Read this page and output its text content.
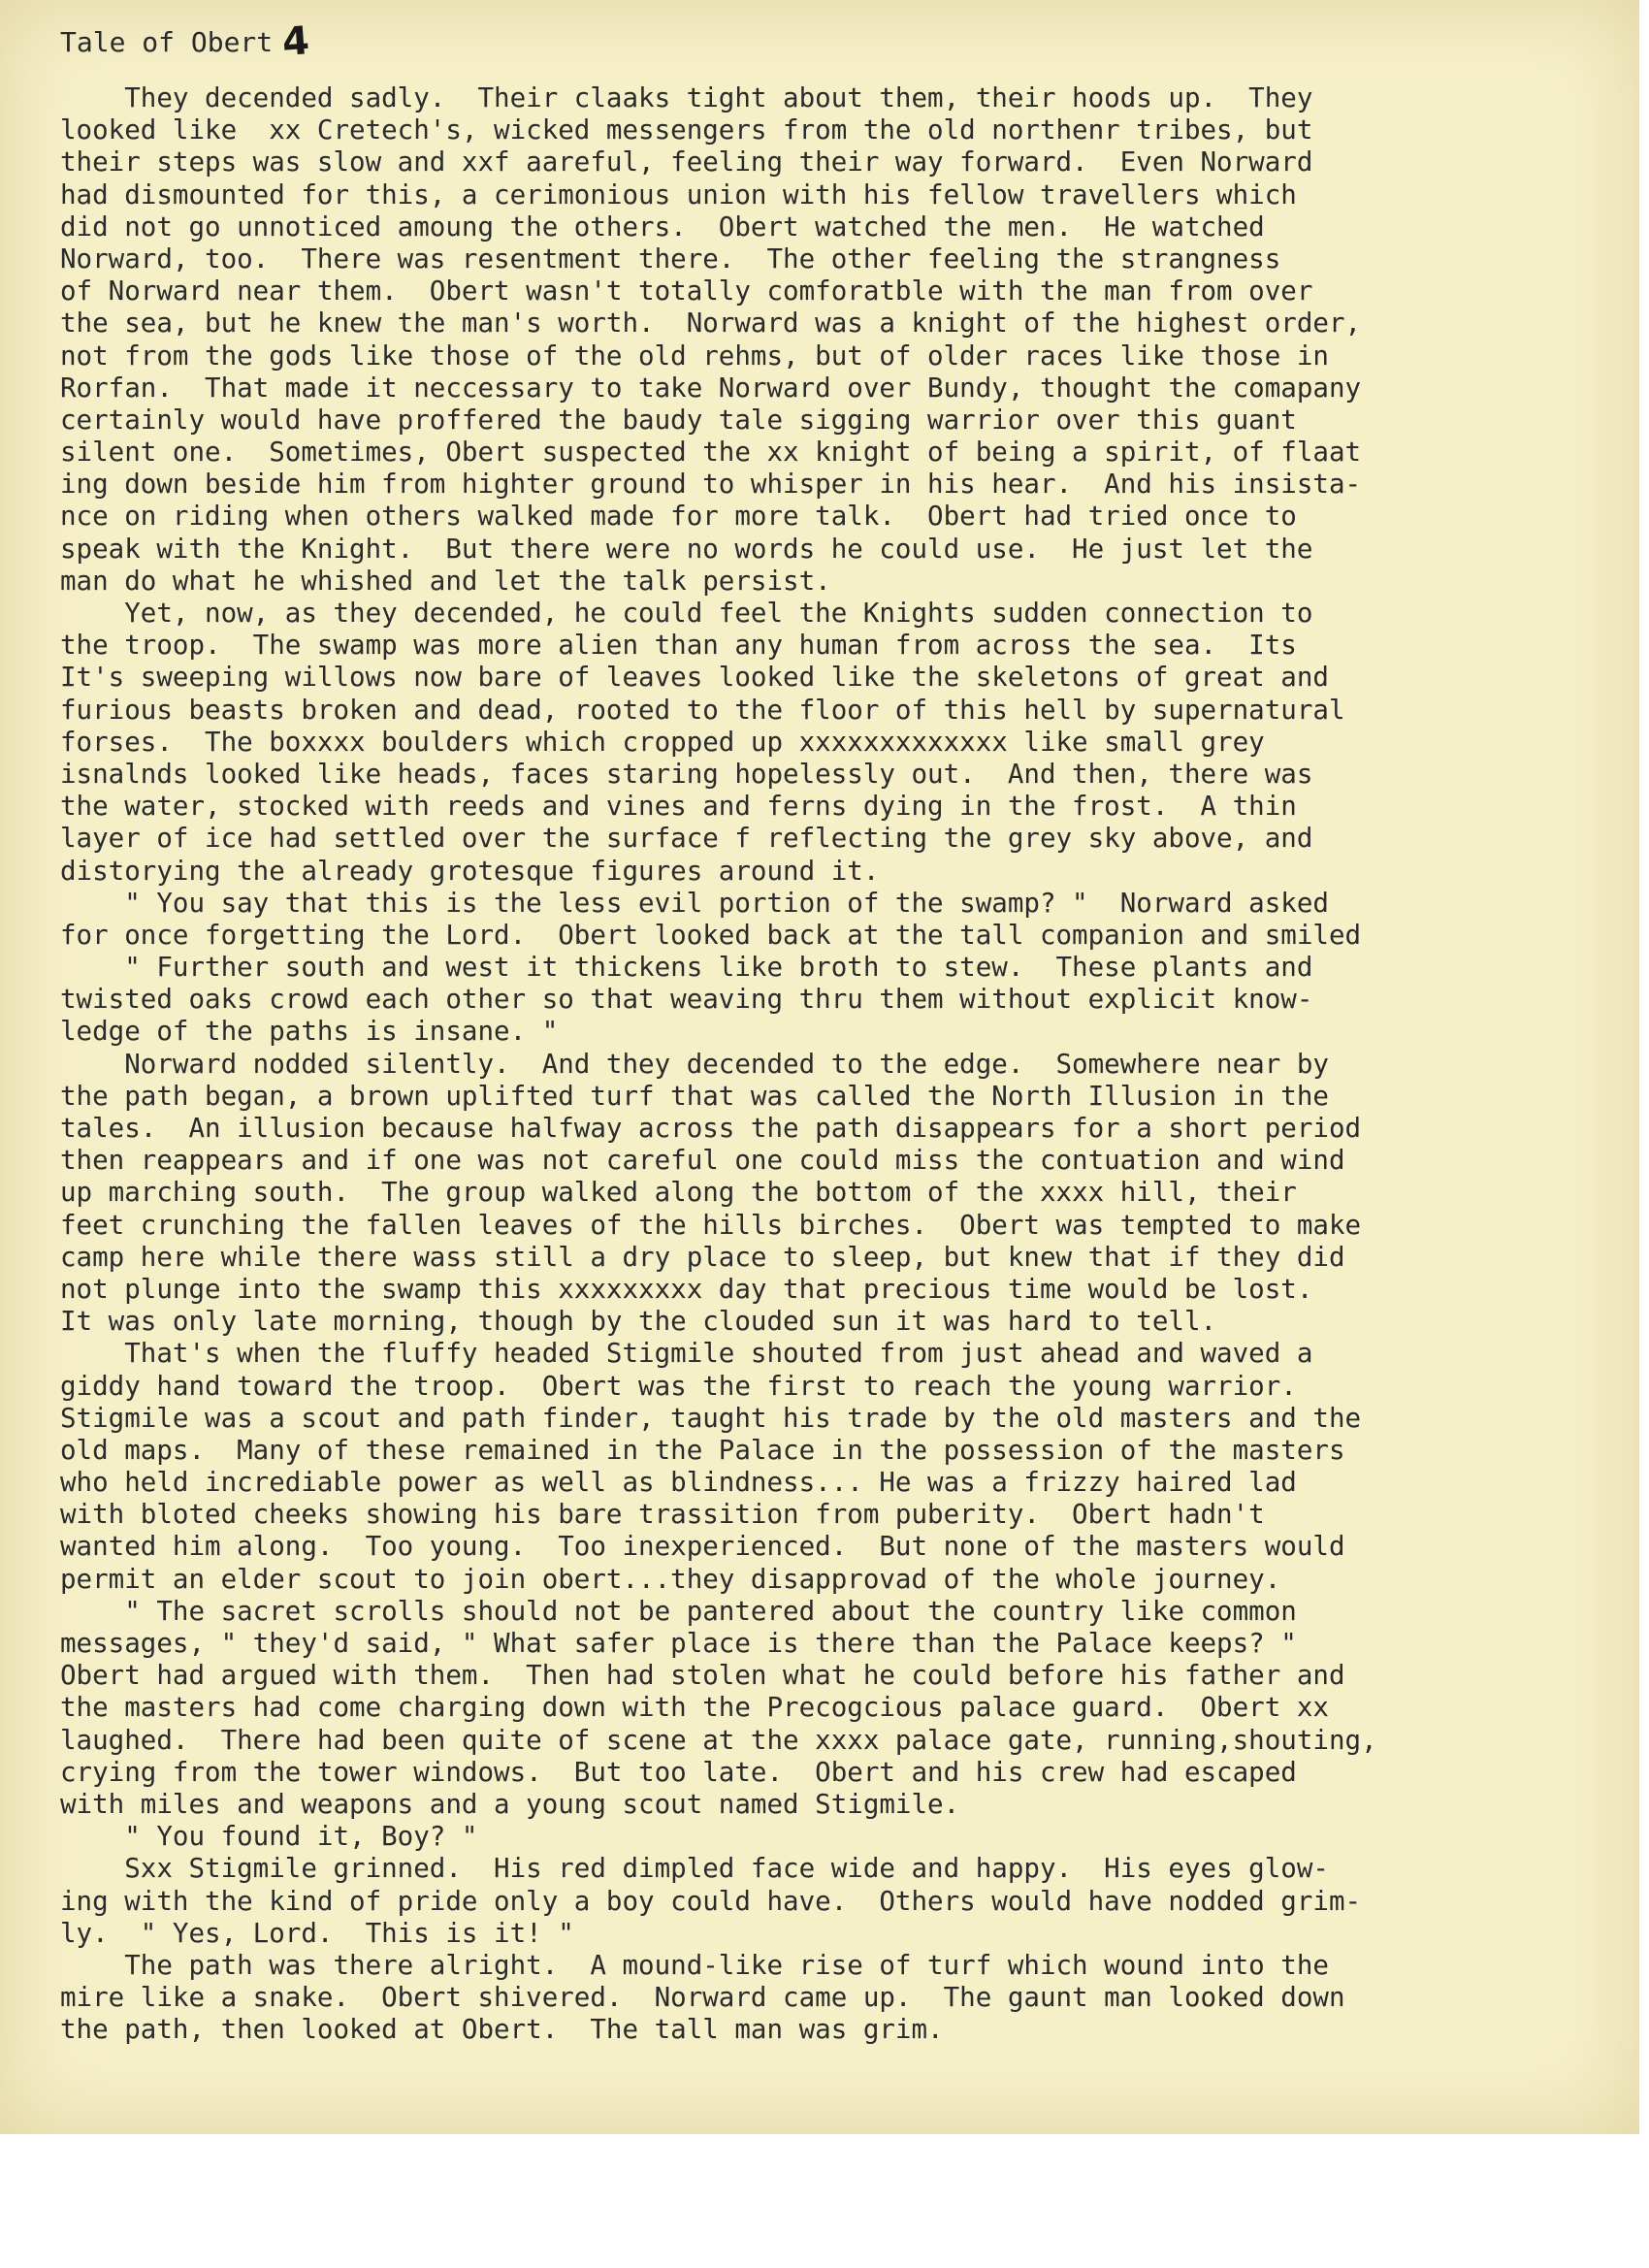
Tale of Obert 4
They decended sadly.  Their claaks tight about them, their hoods up.  They
looked like  xx Cretech's, wicked messengers from the old northenr tribes, but
their steps was slow and xxf aareful, feeling their way forward.  Even Norward
had dismounted for this, a cerimonious union with his fellow travellers which
did not go unnoticed amoung the others.  Obert watched the men.  He watched
Norward, too.  There was resentment there.  The other feeling the strangness
of Norward near them.  Obert wasn't totally comforatble with the man from over
the sea, but he knew the man's worth.  Norward was a knight of the highest order,
not from the gods like those of the old rehms, but of older races like those in
Rorfan.  That made it neccessary to take Norward over Bundy, thought the comapany
certainly would have proffered the baudy tale sigging warrior over this guant
silent one.  Sometimes, Obert suspected the xx knight of being a spirit, of flaat
ing down beside him from highter ground to whisper in his hear.  And his insista-
nce on riding when others walked made for more talk.  Obert had tried once to
speak with the Knight.  But there were no words he could use.  He just let the
man do what he whished and let the talk persist.
Yet, now, as they decended, he could feel the Knights sudden connection to
the troop.  The swamp was more alien than any human from across the sea.  Its
It's sweeping willows now bare of leaves looked like the skeletons of great and
furious beasts broken and dead, rooted to the floor of this hell by supernatural
forses.  The boxxxx boulders which cropped up xxxxxxxxxxxxx like small grey
isnalnds looked like heads, faces staring hopelessly out.  And then, there was
the water, stocked with reeds and vines and ferns dying in the frost.  A thin
layer of ice had settled over the surface f reflecting the grey sky above, and
distorying the already grotesque figures around it.
" You say that this is the less evil portion of the swamp? "  Norward asked
for once forgetting the Lord.  Obert looked back at the tall companion and smiled
" Further south and west it thickens like broth to stew.  These plants and
twisted oaks crowd each other so that weaving thru them without explicit know-
ledge of the paths is insane. "
Norward nodded silently.  And they decended to the edge.  Somewhere near by
the path began, a brown uplifted turf that was called the North Illusion in the
tales.  An illusion because halfway across the path disappears for a short period
then reappears and if one was not careful one could miss the contuation and wind
up marching south.  The group walked along the bottom of the xxxx hill, their
feet crunching the fallen leaves of the hills birches.  Obert was tempted to make
camp here while there wass still a dry place to sleep, but knew that if they did
not plunge into the swamp this xxxxxxxxx day that precious time would be lost.
It was only late morning, though by the clouded sun it was hard to tell.
That's when the fluffy headed Stigmile shouted from just ahead and waved a
giddy hand toward the troop.  Obert was the first to reach the young warrior.
Stigmile was a scout and path finder, taught his trade by the old masters and the
old maps.  Many of these remained in the Palace in the possession of the masters
who held incrediable power as well as blindness... He was a frizzy haired lad
with bloted cheeks showing his bare trassition from puberity.  Obert hadn't
wanted him along.  Too young.  Too inexperienced.  But none of the masters would
permit an elder scout to join obert...they disapprovad of the whole journey.
" The sacret scrolls should not be pantered about the country like common
messages, " they'd said, " What safer place is there than the Palace keeps? "
Obert had argued with them.  Then had stolen what he could before his father and
the masters had come charging down with the Precogcious palace guard.  Obert xx
laughed.  There had been quite of scene at the xxxx palace gate, running,shouting,
crying from the tower windows.  But too late.  Obert and his crew had escaped
with miles and weapons and a young scout named Stigmile.
" You found it, Boy? "
Sxx Stigmile grinned.  His red dimpled face wide and happy.  His eyes glow-
ing with the kind of pride only a boy could have.  Others would have nodded grim-
ly.  " Yes, Lord.  This is it! "
The path was there alright.  A mound-like rise of turf which wound into the
mire like a snake.  Obert shivered.  Norward came up.  The gaunt man looked down
the path, then looked at Obert.  The tall man was grim.
